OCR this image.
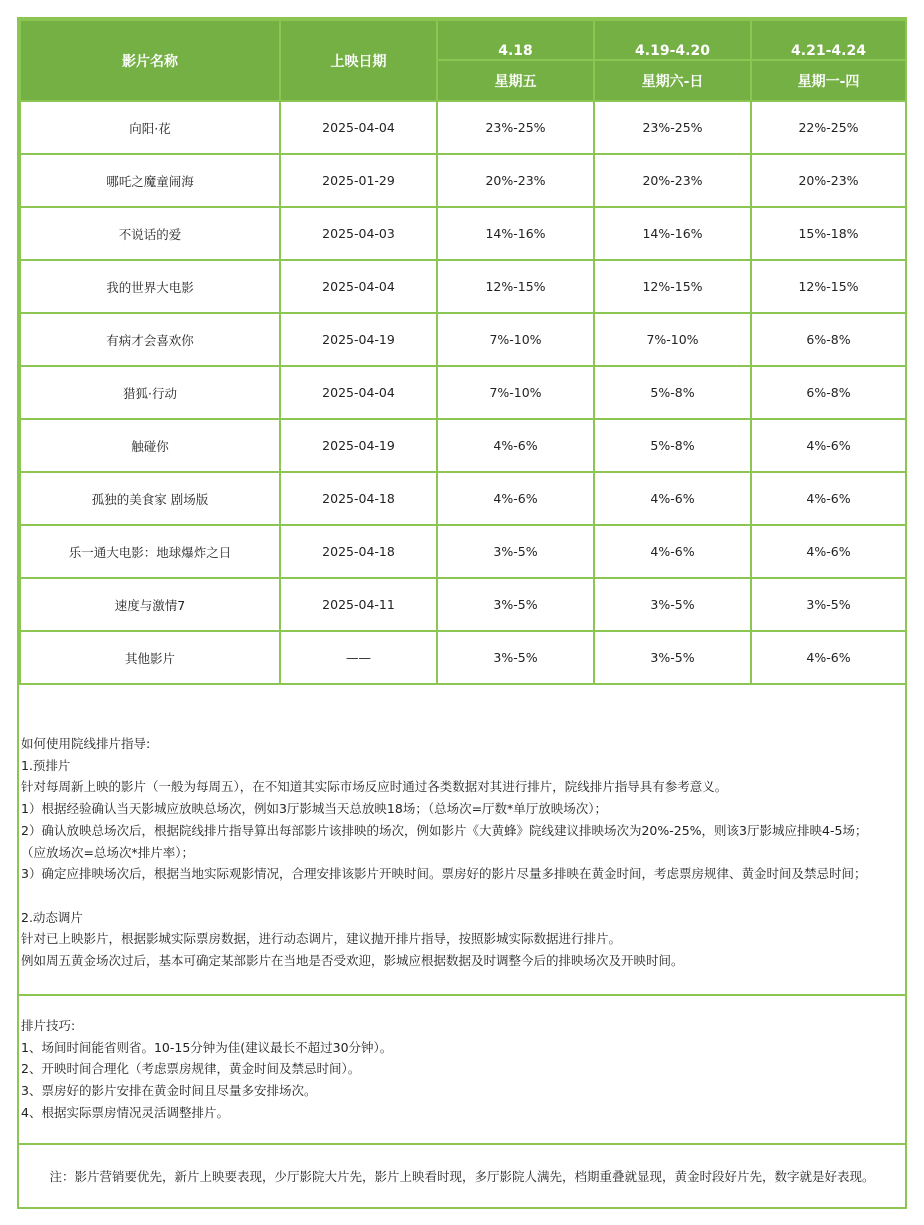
影片名称	上映日期	4.18	4.19-4.20	4.21-4.24
		星期五	星期六-日	星期一-四
向阳·花	2025-04-04	23%-25%	23%-25%	22%-25%
哪吒之魔童闹海	2025-01-29	20%-23%	20%-23%	20%-23%
不说话的爱	2025-04-03	14%-16%	14%-16%	15%-18%
我的世界大电影	2025-04-04	12%-15%	12%-15%	12%-15%
有病才会喜欢你	2025-04-19	7%-10%	7%-10%	6%-8%
猎狐·行动	2025-04-04	7%-10%	5%-8%	6%-8%
触碰你	2025-04-19	4%-6%	5%-8%	4%-6%
孤独的美食家 剧场版	2025-04-18	4%-6%	4%-6%	4%-6%
乐一通大电影：地球爆炸之日	2025-04-18	3%-5%	4%-6%	4%-6%
速度与激情7	2025-04-11	3%-5%	3%-5%	3%-5%
其他影片	——	3%-5%	3%-5%	4%-6%
如何使用院线排片指导:
1.预排片
针对每周新上映的影片（一般为每周五），在不知道其实际市场反应时通过各类数据对其进行排片，院线排片指导具有参考意义。
1）根据经验确认当天影城应放映总场次，例如3厅影城当天总放映18场；（总场次=厅数*单厅放映场次）；
2）确认放映总场次后，根据院线排片指导算出每部影片该排映的场次，例如影片《大黄蜂》院线建议排映场次为20%-25%，则该3厅影城应排映4-5场；
（应放场次=总场次*排片率）；
3）确定应排映场次后，根据当地实际观影情况，合理安排该影片开映时间。票房好的影片尽量多排映在黄金时间，考虑票房规律、黄金时间及禁忌时间；
2.动态调片
针对已上映影片，根据影城实际票房数据，进行动态调片，建议抛开排片指导，按照影城实际数据进行排片。
例如周五黄金场次过后，基本可确定某部影片在当地是否受欢迎，影城应根据数据及时调整今后的排映场次及开映时间。
排片技巧:
1、场间时间能省则省。10-15分钟为佳(建议最长不超过30分钟）。
2、开映时间合理化（考虑票房规律，黄金时间及禁忌时间）。
3、票房好的影片安排在黄金时间且尽量多安排场次。
4、根据实际票房情况灵活调整排片。
注：影片营销要优先，新片上映要表现，少厅影院大片先，影片上映看时现，多厅影院人满先，档期重叠就显现，黄金时段好片先，数字就是好表现。
